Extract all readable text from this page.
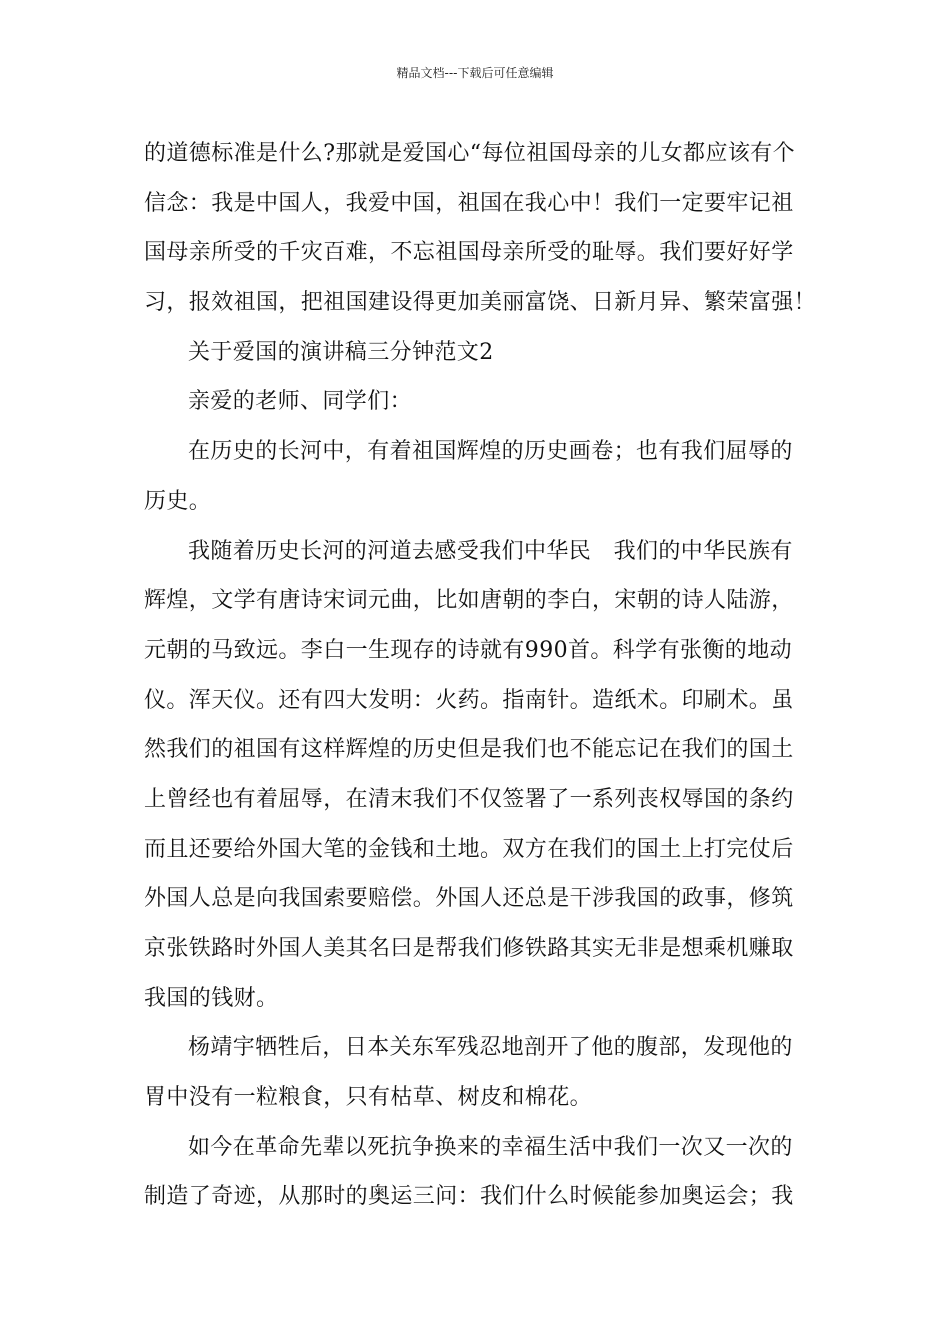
精品文档---下载后可任意编辑
的道德标准是什么?那就是爱国心“每位祖国母亲的儿女都应该有个
信念：我是中国人，我爱中国，祖国在我心中！我们一定要牢记祖
国母亲所受的千灾百难，不忘祖国母亲所受的耻辱。我们要好好学
习，报效祖国，把祖国建设得更加美丽富饶、日新月异、繁荣富强！
关于爱国的演讲稿三分钟范文2
亲爱的老师、同学们：
在历史的长河中，有着祖国辉煌的历史画卷；也有我们屈辱的
历史。
我随着历史长河的河道去感受我们中华民　我们的中华民族有
辉煌，文学有唐诗宋词元曲，比如唐朝的李白，宋朝的诗人陆游，
元朝的马致远。李白一生现存的诗就有990首。科学有张衡的地动
仪。浑天仪。还有四大发明：火药。指南针。造纸术。印刷术。虽
然我们的祖国有这样辉煌的历史但是我们也不能忘记在我们的国土
上曾经也有着屈辱，在清末我们不仅签署了一系列丧权辱国的条约
而且还要给外国大笔的金钱和土地。双方在我们的国土上打完仗后
外国人总是向我国索要赔偿。外国人还总是干涉我国的政事，修筑
京张铁路时外国人美其名曰是帮我们修铁路其实无非是想乘机赚取
我国的钱财。
杨靖宇牺牲后，日本关东军残忍地剖开了他的腹部，发现他的
胃中没有一粒粮食，只有枯草、树皮和棉花。
如今在革命先辈以死抗争换来的幸福生活中我们一次又一次的
制造了奇迹，从那时的奥运三问：我们什么时候能参加奥运会；我
